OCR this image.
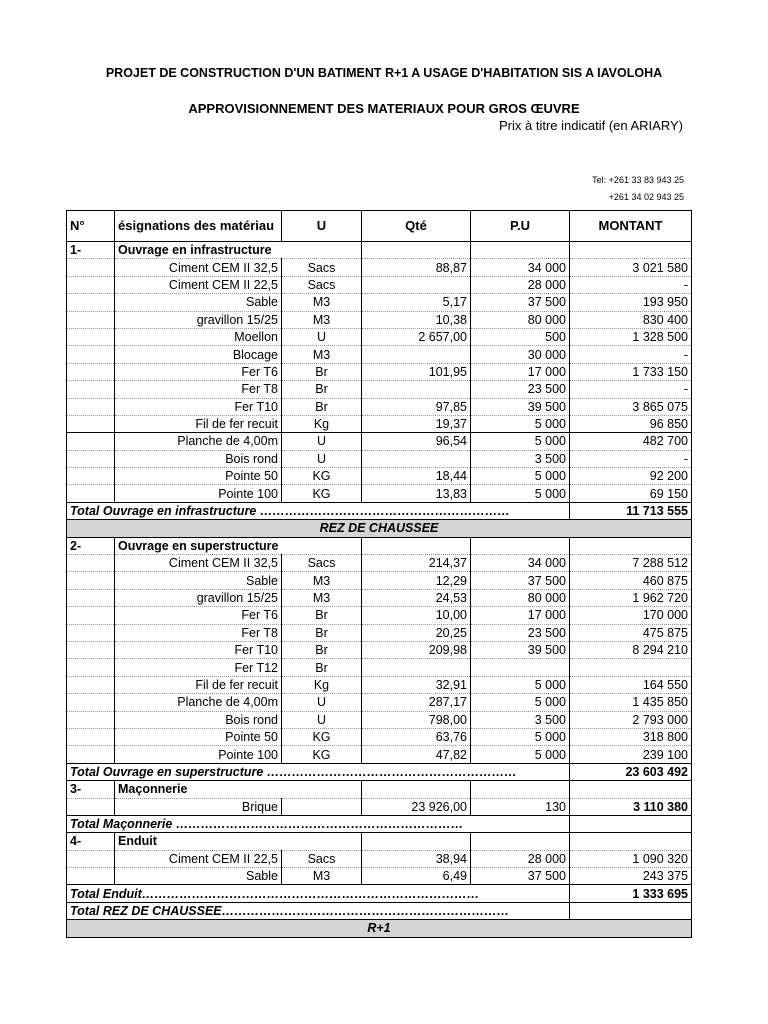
PROJET DE CONSTRUCTION D'UN BATIMENT R+1 A USAGE D'HABITATION SIS A IAVOLOHA
APPROVISIONNEMENT DES MATERIAUX POUR GROS ŒUVRE
Prix à titre indicatif (en ARIARY)
Tel: +261 33 83 943 25
+261 34 02 943 25
N°	ésignations des matériau	U	Qté	P.U	MONTANT
1-	Ouvrage en infrastructure				
	Ciment CEM II 32,5	Sacs	88,87	34 000	3 021 580
	Ciment CEM II 22,5	Sacs		28 000	-
	Sable	M3	5,17	37 500	193 950
	gravillon 15/25	M3	10,38	80 000	830 400
	Moellon	U	2 657,00	500	1 328 500
	Blocage	M3		30 000	-
	Fer T6	Br	101,95	17 000	1 733 150
	Fer T8	Br		23 500	-
	Fer T10	Br	97,85	39 500	3 865 075
	Fil de fer recuit	Kg	19,37	5 000	96 850
	Planche de 4,00m	U	96,54	5 000	482 700
	Bois rond	U		3 500	-
	Pointe 50	KG	18,44	5 000	92 200
	Pointe 100	KG	13,83	5 000	69 150
Total Ouvrage en infrastructure ……………………………………………………					11 713 555
REZ DE CHAUSSEE					
2-	Ouvrage en superstructure				
	Ciment CEM II 32,5	Sacs	214,37	34 000	7 288 512
	Sable	M3	12,29	37 500	460 875
	gravillon 15/25	M3	24,53	80 000	1 962 720
	Fer T6	Br	10,00	17 000	170 000
	Fer T8	Br	20,25	23 500	475 875
	Fer T10	Br	209,98	39 500	8 294 210
	Fer T12	Br			
	Fil de fer recuit	Kg	32,91	5 000	164 550
	Planche de 4,00m	U	287,17	5 000	1 435 850
	Bois rond	U	798,00	3 500	2 793 000
	Pointe 50	KG	63,76	5 000	318 800
	Pointe 100	KG	47,82	5 000	239 100
Total Ouvrage en superstructure ……………………………………………………					23 603 492
3-	Maçonnerie				
	Brique		23 926,00	130	3 110 380
Total Maçonnerie ……………………………………………………………					
4-	Enduit				
	Ciment CEM II 22,5	Sacs	38,94	28 000	1 090 320
	Sable	M3	6,49	37 500	243 375
Total Enduit………………………………………………………………………					1 333 695
Total REZ DE CHAUSSEE……………………………………………………………					
R+1					
